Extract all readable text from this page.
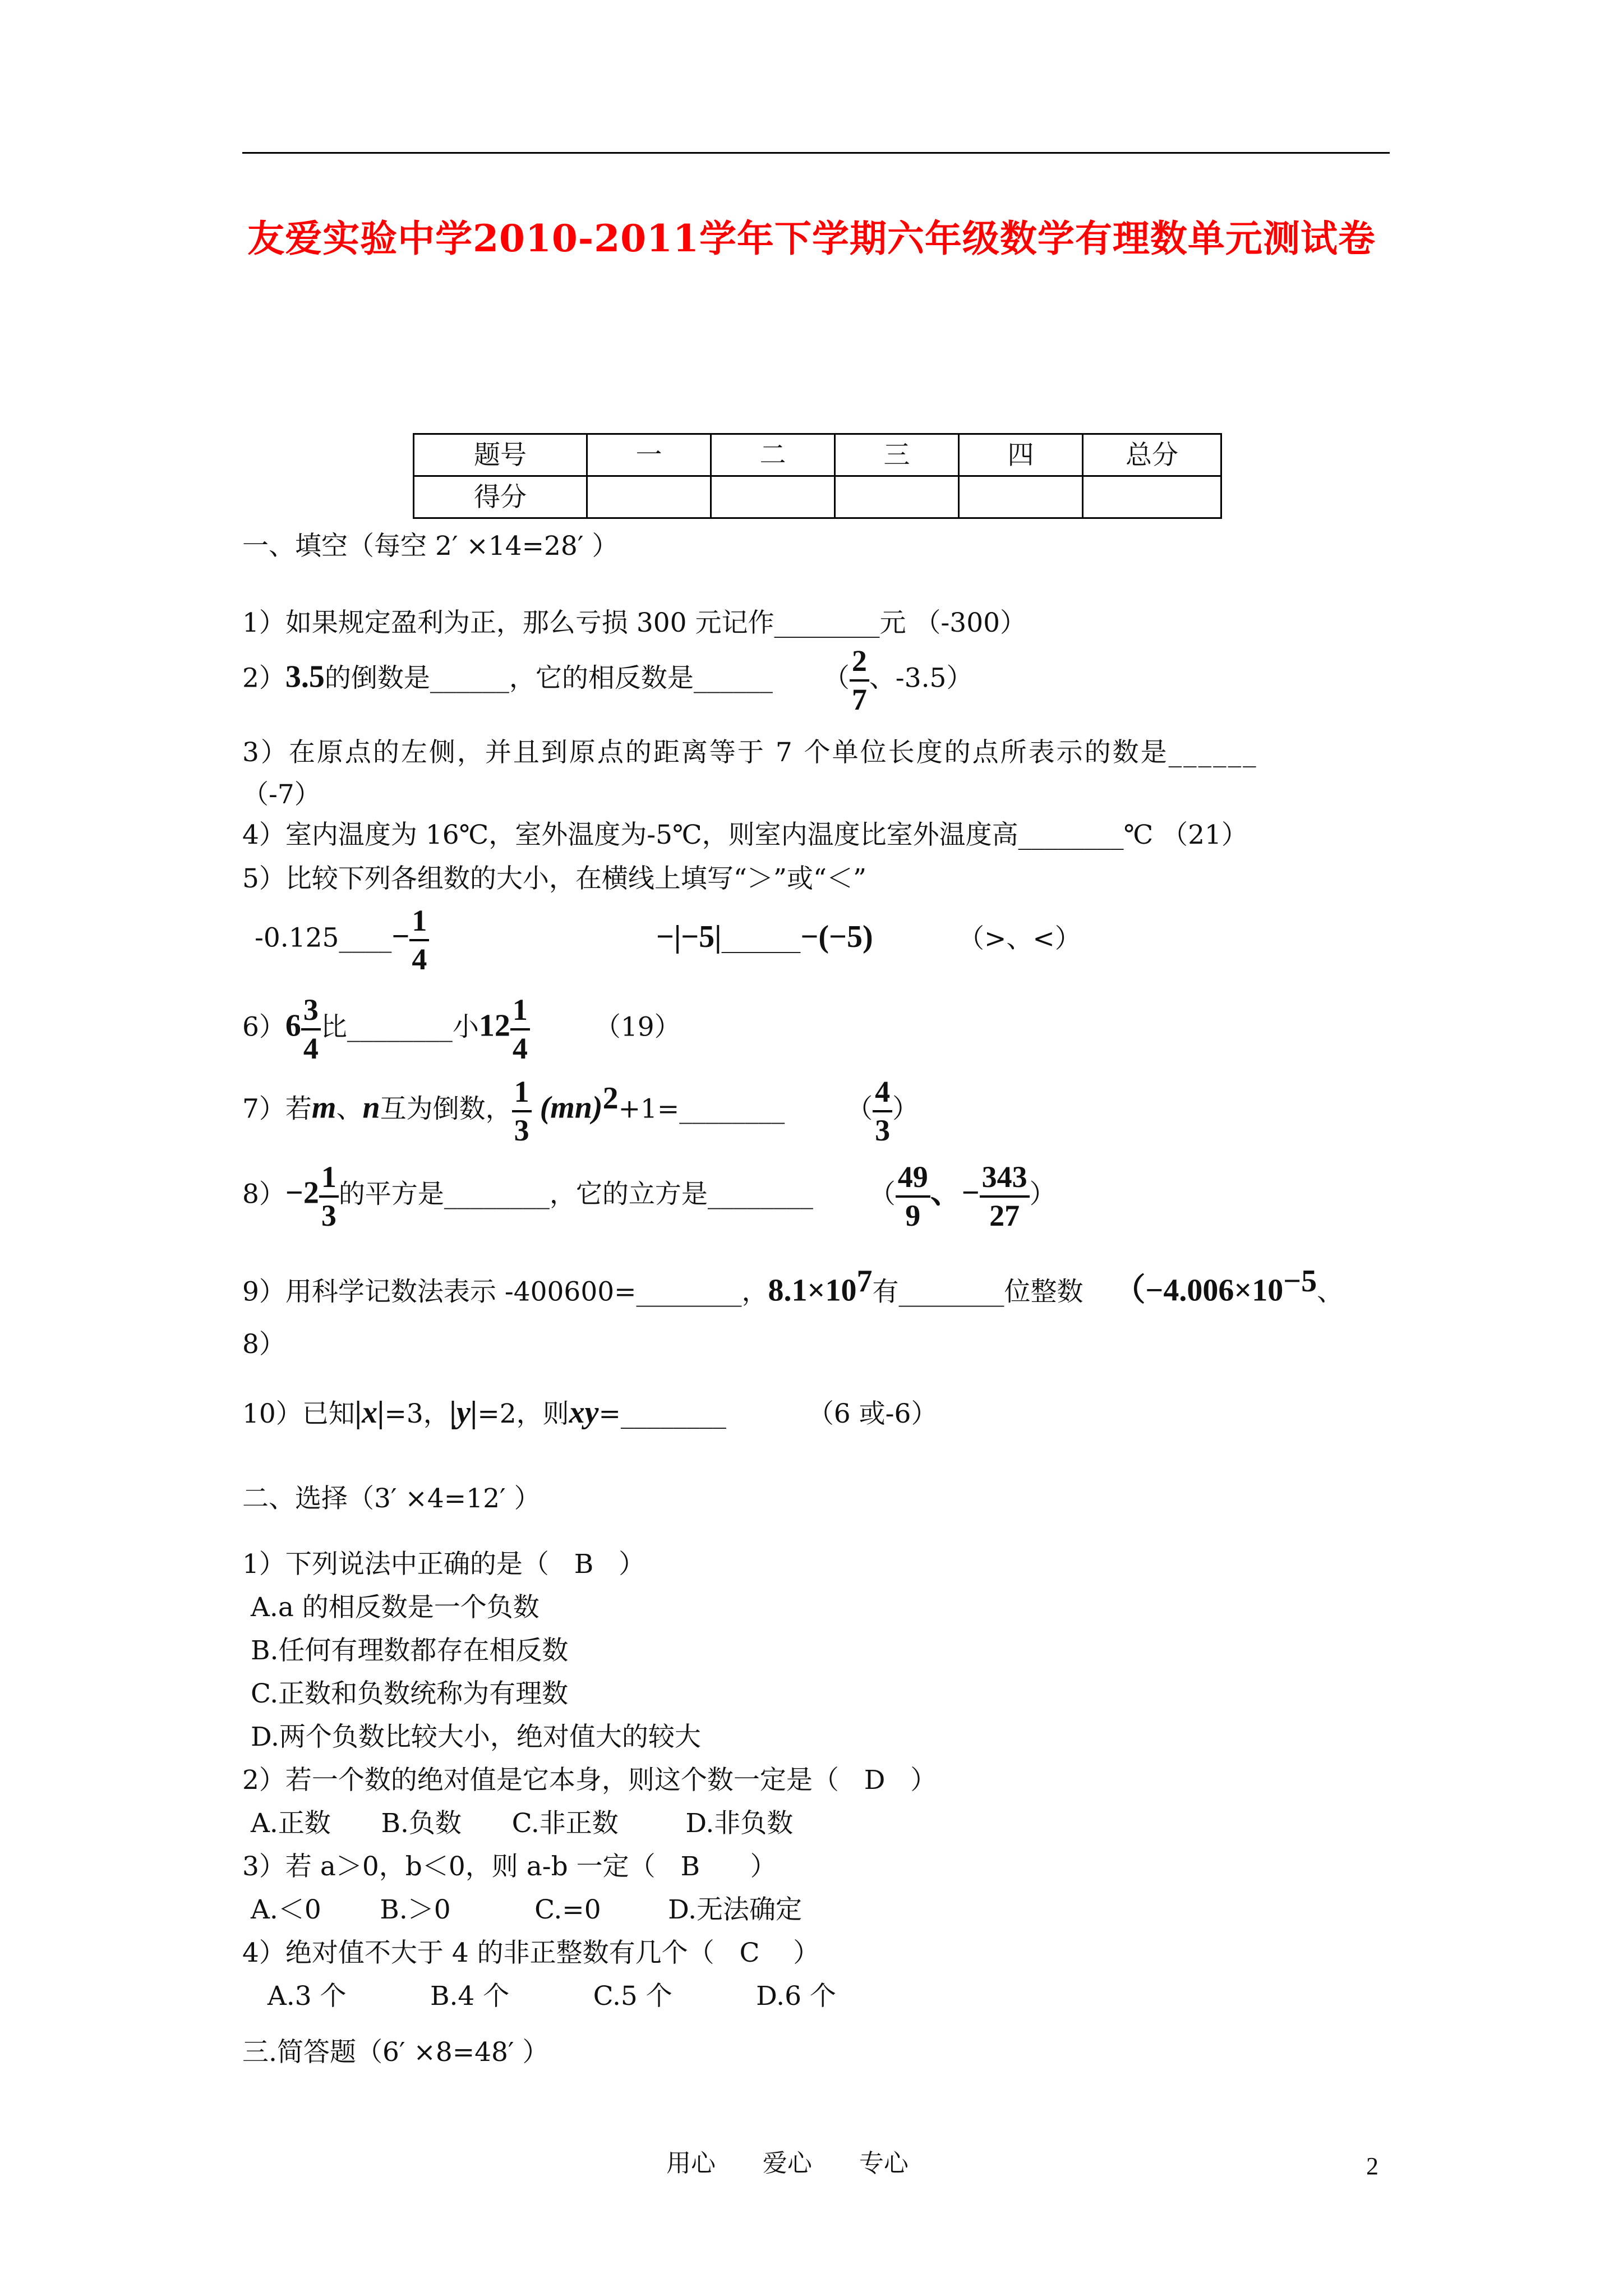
友爱实验中学2010-2011学年下学期六年级数学有理数单元测试卷
题号	一	二	三	四	总分
得分					
一、填空（每空 2′ ×14=28′ ）
1）如果规定盈利为正，那么亏损 300 元记作________元 （-300）
2）3.5的倒数是______，它的相反数是______ （ $\frac{2}{7}$ 、-3.5）
3）在原点的左侧，并且到原点的距离等于 7 个单位长度的点所表示的数是______
（-7）
4）室内温度为 16℃，室外温度为-5℃，则室内温度比室外温度高________℃ （21）
5）比较下列各组数的大小，在横线上填写“＞”或“＜”
-0.125____− $\frac{1}{4}$	−|−5|______−(−5)	（>、<）
$6)6 \frac{3}{4}$ 比________小$12 \frac{1}{4} (19)$
7）若m、n互为倒数， $\frac{1}{3}$ (mn)$^2$+1=________ （ $\frac{4}{3}$ ）
$8)-2 \frac{1}{3}$ 的平方是________，它的立方是________ （ $\frac{49}{9}$ 、− $\frac{343}{27}$ ）
9）用科学记数法表示 -400600=________，$8.1\times 10^7$有________位整数 （$-4.006\times 10^{-5}$、
8）
10）已知|x|=3，|y|=2，则xy=________	（6 或-6）
二、选择（3′ ×4=12′ ）
1）下列说法中正确的是（   B   ）
A.a 的相反数是一个负数
B.任何有理数都存在相反数
C.正数和负数统称为有理数
D.两个负数比较大小，绝对值大的较大
2）若一个数的绝对值是它本身，则这个数一定是（   D   ）
A.正数      B.负数      C.非正数        D.非负数
3）若 a＞0，b＜0，则 a-b 一定（   B      ）
A.＜0       B.＞0          C.=0        D.无法确定
4）绝对值不大于 4 的非正整数有几个（   C    ）
A.3 个          B.4 个          C.5 个          D.6 个
三.简答题（6′ ×8=48′ ）
用心      爱心      专心	2
